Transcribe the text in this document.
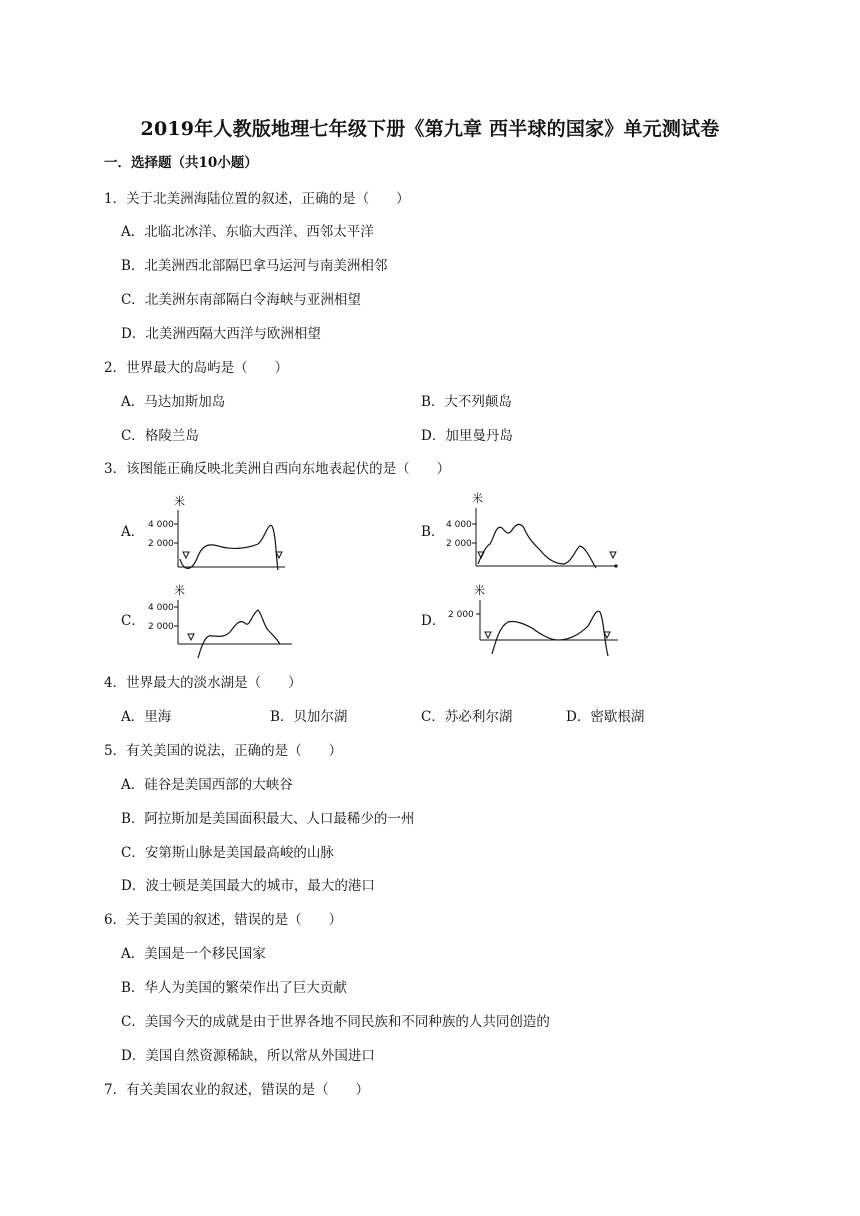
2019年人教版地理七年级下册《第九章 西半球的国家》单元测试卷
一．选择题（共10小题）
1．关于北美洲海陆位置的叙述，正确的是（　　）
A．北临北冰洋、东临大西洋、西邻太平洋
B．北美洲西北部隔巴拿马运河与南美洲相邻
C．北美洲东南部隔白令海峡与亚洲相望
D．北美洲西隔大西洋与欧洲相望
2．世界最大的岛屿是（　　）
A．马达加斯加岛	B．大不列颠岛
C．格陵兰岛	D．加里曼丹岛
3．该图能正确反映北美洲自西向东地表起伏的是（　　）
A．
米
4 000
2 000
B．
米
4 000
2 000
C．
米
4 000
2 000	D．
米
2 000
4．世界最大的淡水湖是（　　）
A．里海	B．贝加尔湖	C．苏必利尔湖	D．密歇根湖
5．有关美国的说法，正确的是（　　）
A．硅谷是美国西部的大峡谷
B．阿拉斯加是美国面积最大、人口最稀少的一州
C．安第斯山脉是美国最高峻的山脉
D．波士顿是美国最大的城市，最大的港口
6．关于美国的叙述，错误的是（　　）
A．美国是一个移民国家
B．华人为美国的繁荣作出了巨大贡献
C．美国今天的成就是由于世界各地不同民族和不同种族的人共同创造的
D．美国自然资源稀缺，所以常从外国进口
7．有关美国农业的叙述，错误的是（　　）
